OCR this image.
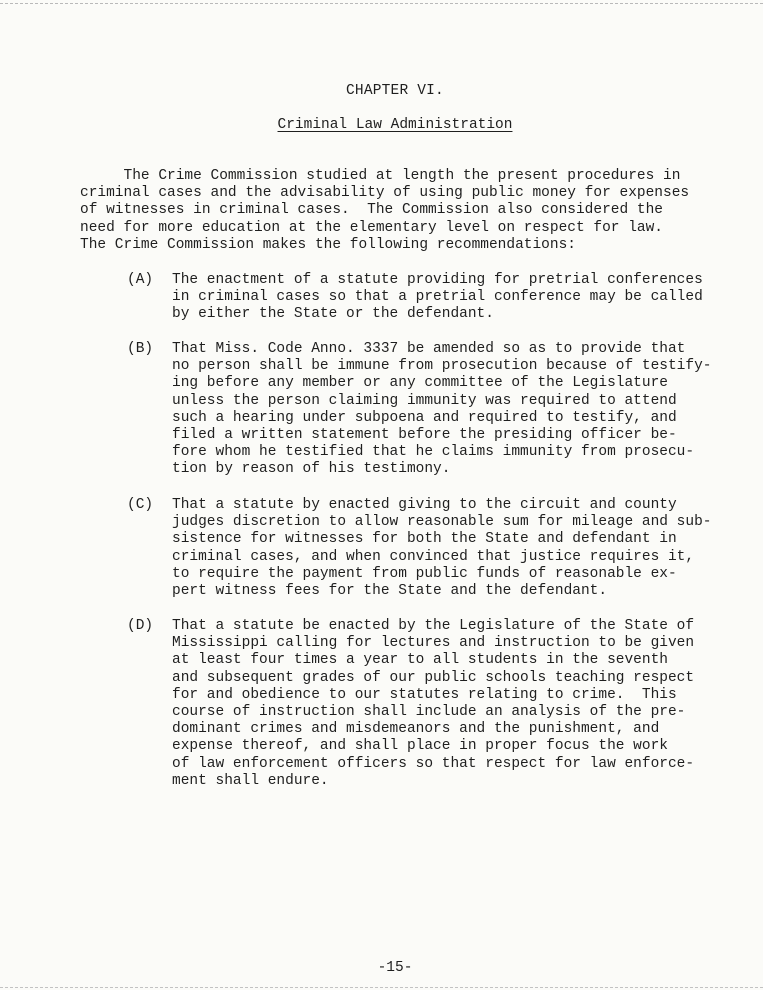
CHAPTER VI.
Criminal Law Administration
The Crime Commission studied at length the present procedures in
criminal cases and the advisability of using public money for expenses
of witnesses in criminal cases.  The Commission also considered the
need for more education at the elementary level on respect for law.
The Crime Commission makes the following recommendations:
(A) The enactment of a statute providing for pretrial conferences
in criminal cases so that a pretrial conference may be called
by either the State or the defendant.
(B) That Miss. Code Anno. 3337 be amended so as to provide that
no person shall be immune from prosecution because of testify-
ing before any member or any committee of the Legislature
unless the person claiming immunity was required to attend
such a hearing under subpoena and required to testify, and
filed a written statement before the presiding officer be-
fore whom he testified that he claims immunity from prosecu-
tion by reason of his testimony.
(C) That a statute by enacted giving to the circuit and county
judges discretion to allow reasonable sum for mileage and sub-
sistence for witnesses for both the State and defendant in
criminal cases, and when convinced that justice requires it,
to require the payment from public funds of reasonable ex-
pert witness fees for the State and the defendant.
(D) That a statute be enacted by the Legislature of the State of
Mississippi calling for lectures and instruction to be given
at least four times a year to all students in the seventh
and subsequent grades of our public schools teaching respect
for and obedience to our statutes relating to crime.  This
course of instruction shall include an analysis of the pre-
dominant crimes and misdemeanors and the punishment, and
expense thereof, and shall place in proper focus the work
of law enforcement officers so that respect for law enforce-
ment shall endure.
-15-
